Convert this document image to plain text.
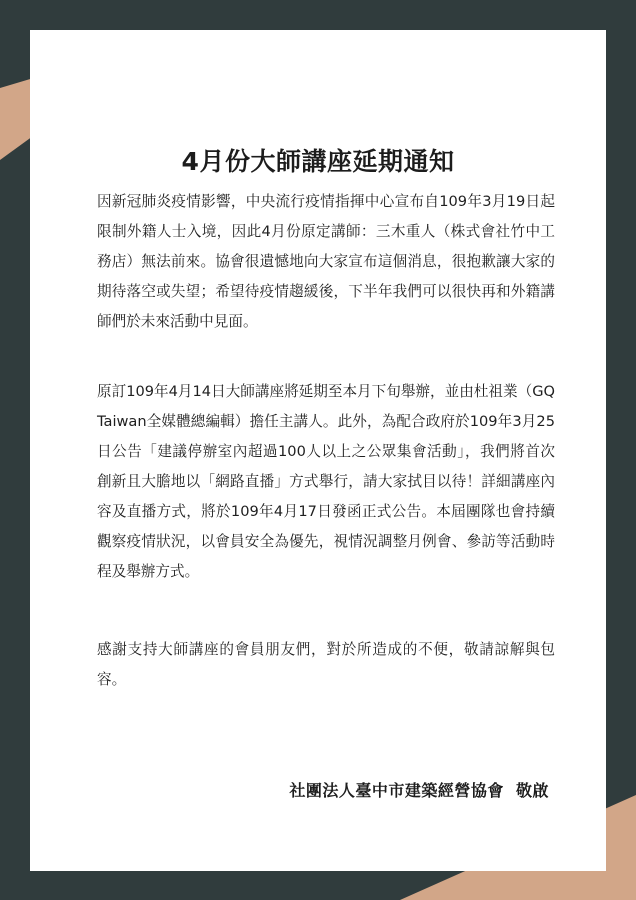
4月份大師講座延期通知

因新冠肺炎疫情影響，中央流行疫情指揮中心宣布自109年3月19日起限制外籍人士入境，因此4月份原定講師：三木重人（株式會社竹中工務店）無法前來。協會很遺憾地向大家宣布這個消息，很抱歉讓大家的期待落空或失望；希望待疫情趨緩後，下半年我們可以很快再和外籍講師們於未來活動中見面。

原訂109年4月14日大師講座將延期至本月下旬舉辦，並由杜祖業（GQ Taiwan全媒體總編輯）擔任主講人。此外，為配合政府於109年3月25日公告「建議停辦室內超過100人以上之公眾集會活動」，我們將首次創新且大膽地以「網路直播」方式舉行，請大家拭目以待！詳細講座內容及直播方式，將於109年4月17日發函正式公告。本屆團隊也會持續觀察疫情狀況，以會員安全為優先，視情況調整月例會、參訪等活動時程及舉辦方式。

感謝支持大師講座的會員朋友們，對於所造成的不便，敬請諒解與包容。

社團法人臺中市建築經營協會  敬啟
